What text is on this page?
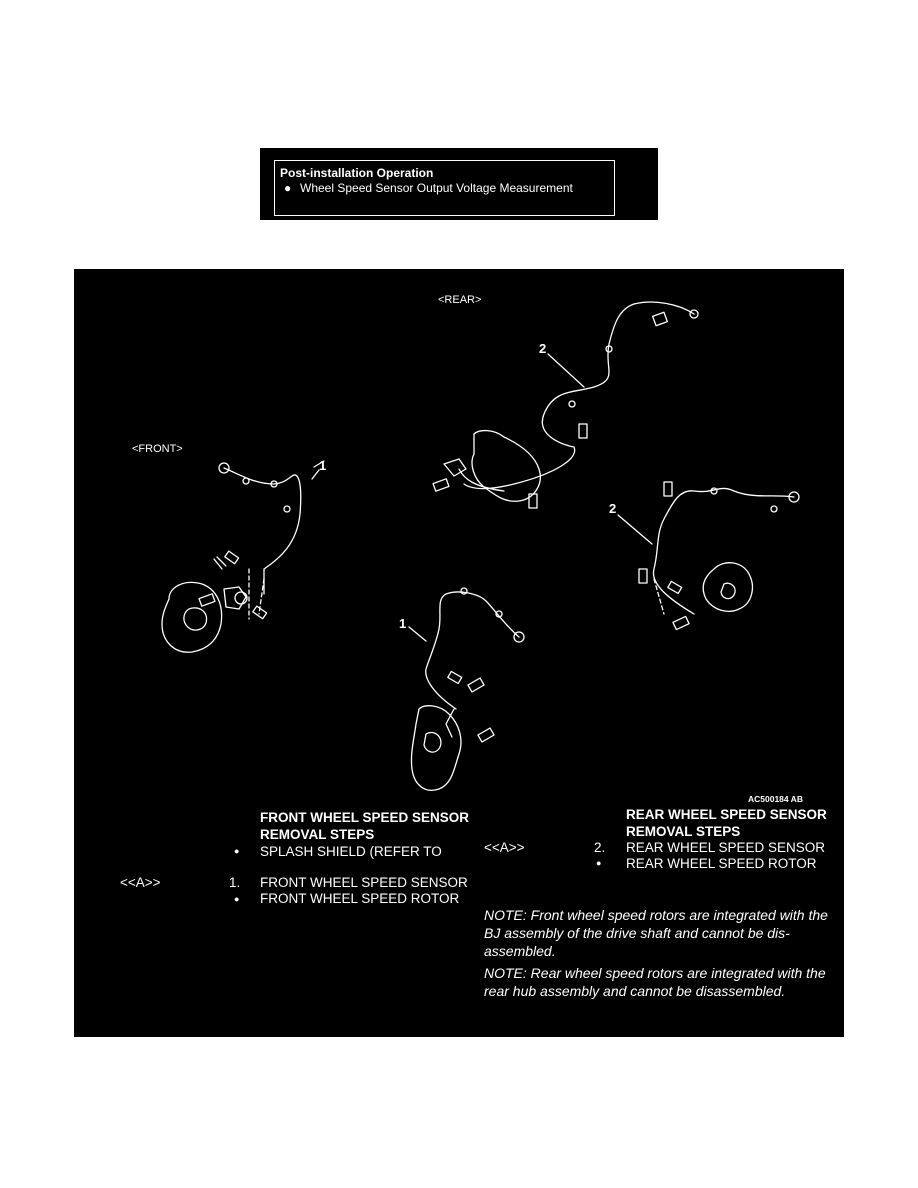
Post-installation Operation
● Wheel Speed Sensor Output Voltage Measurement
<REAR>
<FRONT>
1
2
2
1
AC500184 AB
FRONT WHEEL SPEED SENSOR
REMOVAL STEPS
● SPLASH SHIELD (REFER TO
<<A>>	1. FRONT WHEEL SPEED SENSOR
● FRONT WHEEL SPEED ROTOR
REAR WHEEL SPEED SENSOR
REMOVAL STEPS
<<A>>	2. REAR WHEEL SPEED SENSOR
● REAR WHEEL SPEED ROTOR
NOTE: Front wheel speed rotors are integrated with the BJ assembly of the drive shaft and cannot be dis-assembled.
NOTE: Rear wheel speed rotors are integrated with the rear hub assembly and cannot be disassembled.
